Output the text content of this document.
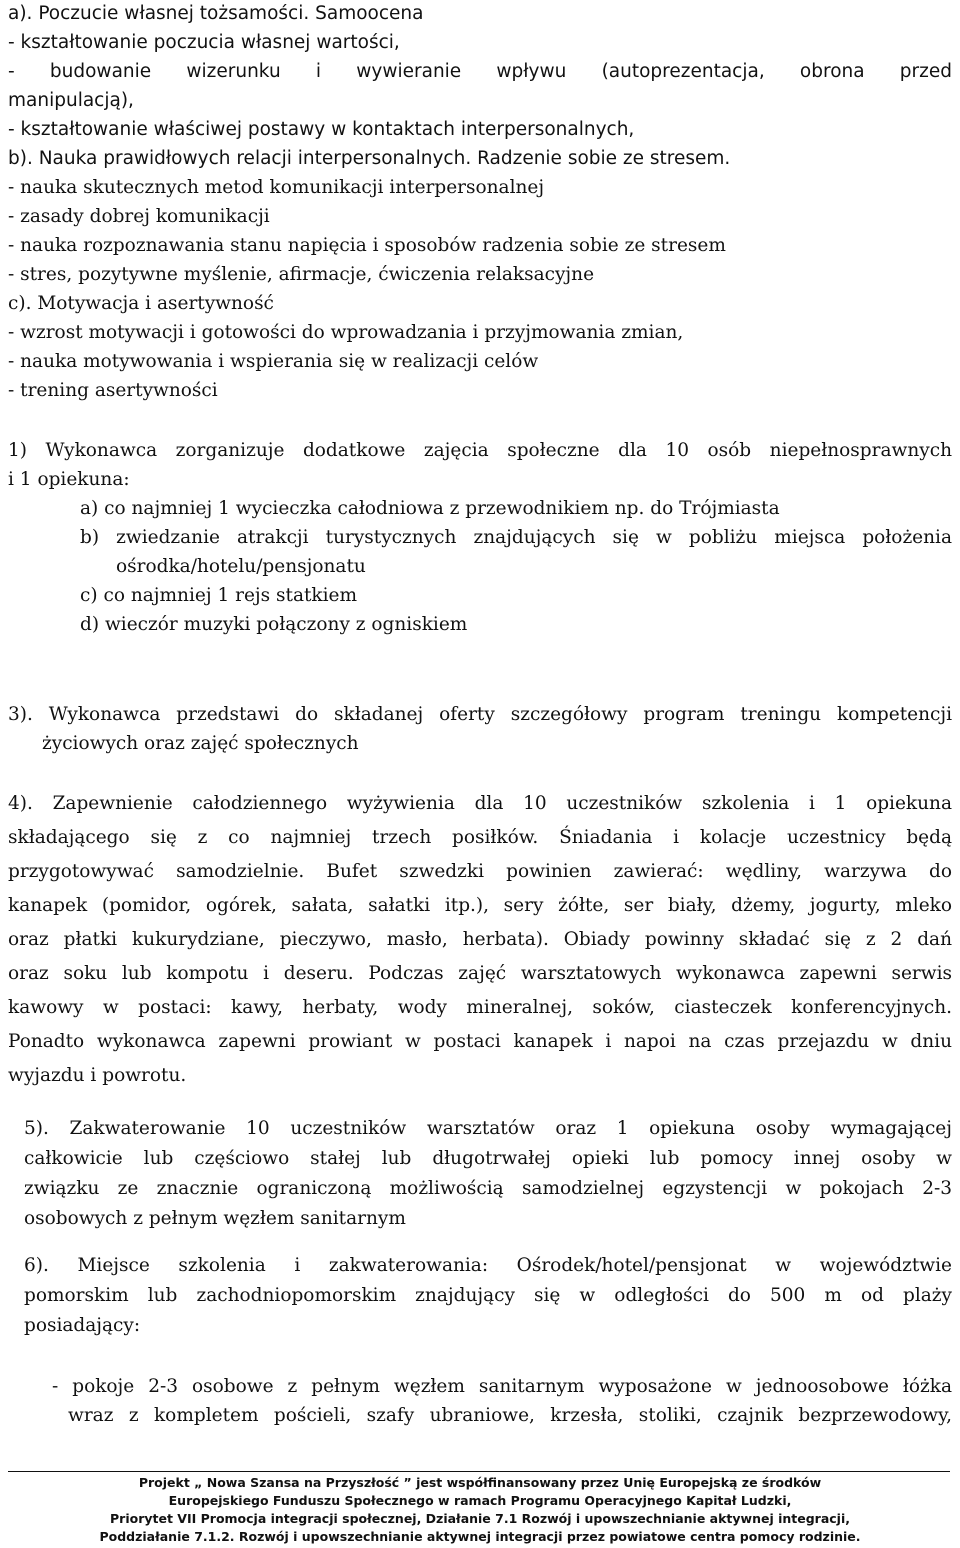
a). Poczucie własnej tożsamości. Samoocena
- kształtowanie poczucia własnej wartości,
- budowanie wizerunku i wywieranie wpływu (autoprezentacja, obrona przed
manipulacją),
- kształtowanie właściwej postawy w kontaktach interpersonalnych,
b). Nauka prawidłowych relacji interpersonalnych. Radzenie sobie ze stresem.
- nauka skutecznych metod komunikacji interpersonalnej
- zasady dobrej komunikacji
- nauka rozpoznawania stanu napięcia i sposobów radzenia sobie ze stresem
- stres, pozytywne myślenie, afirmacje, ćwiczenia relaksacyjne
c). Motywacja i asertywność
- wzrost motywacji i gotowości do wprowadzania i przyjmowania zmian,
- nauka motywowania i wspierania się w realizacji celów
- trening asertywności
1) Wykonawca zorganizuje dodatkowe zajęcia społeczne dla 10 osób niepełnosprawnych
i 1 opiekuna:
a) co najmniej 1 wycieczka całodniowa z przewodnikiem np. do Trójmiasta
b) zwiedzanie atrakcji turystycznych znajdujących się w pobliżu miejsca położenia
ośrodka/hotelu/pensjonatu
c) co najmniej 1 rejs statkiem
d) wieczór muzyki połączony z ogniskiem
3). Wykonawca przedstawi do składanej oferty szczegółowy program treningu kompetencji
życiowych oraz zajęć społecznych
4). Zapewnienie całodziennego wyżywienia dla 10 uczestników szkolenia i 1 opiekuna
składającego się z co najmniej trzech posiłków. Śniadania i kolacje uczestnicy będą
przygotowywać samodzielnie. Bufet szwedzki powinien zawierać: wędliny, warzywa do
kanapek (pomidor, ogórek, sałata, sałatki itp.), sery żółte, ser biały, dżemy, jogurty, mleko
oraz płatki kukurydziane, pieczywo, masło, herbata). Obiady powinny składać się z 2 dań
oraz soku lub kompotu i deseru. Podczas zajęć warsztatowych wykonawca zapewni serwis
kawowy w postaci: kawy, herbaty, wody mineralnej, soków, ciasteczek konferencyjnych.
Ponadto wykonawca zapewni prowiant w postaci kanapek i napoi na czas przejazdu w dniu
wyjazdu i powrotu.
5). Zakwaterowanie 10 uczestników warsztatów oraz 1 opiekuna osoby wymagającej
całkowicie lub częściowo stałej lub długotrwałej opieki lub pomocy innej osoby w
związku ze znacznie ograniczoną możliwością samodzielnej egzystencji w pokojach 2-3
osobowych z pełnym węzłem sanitarnym
6). Miejsce szkolenia i zakwaterowania: Ośrodek/hotel/pensjonat w województwie
pomorskim lub zachodniopomorskim znajdujący się w odległości do 500 m od plaży
posiadający:
- pokoje 2-3 osobowe z pełnym węzłem sanitarnym wyposażone w jednoosobowe łóżka
wraz z kompletem pościeli, szafy ubraniowe, krzesła, stoliki, czajnik bezprzewodowy,
Projekt „ Nowa Szansa na Przyszłość ” jest współfinansowany przez Unię Europejską ze środków
Europejskiego Funduszu Społecznego w ramach Programu Operacyjnego Kapitał Ludzki,
Priorytet VII Promocja integracji społecznej, Działanie 7.1 Rozwój i upowszechnianie aktywnej integracji,
Poddziałanie 7.1.2. Rozwój i upowszechnianie aktywnej integracji przez powiatowe centra pomocy rodzinie.
